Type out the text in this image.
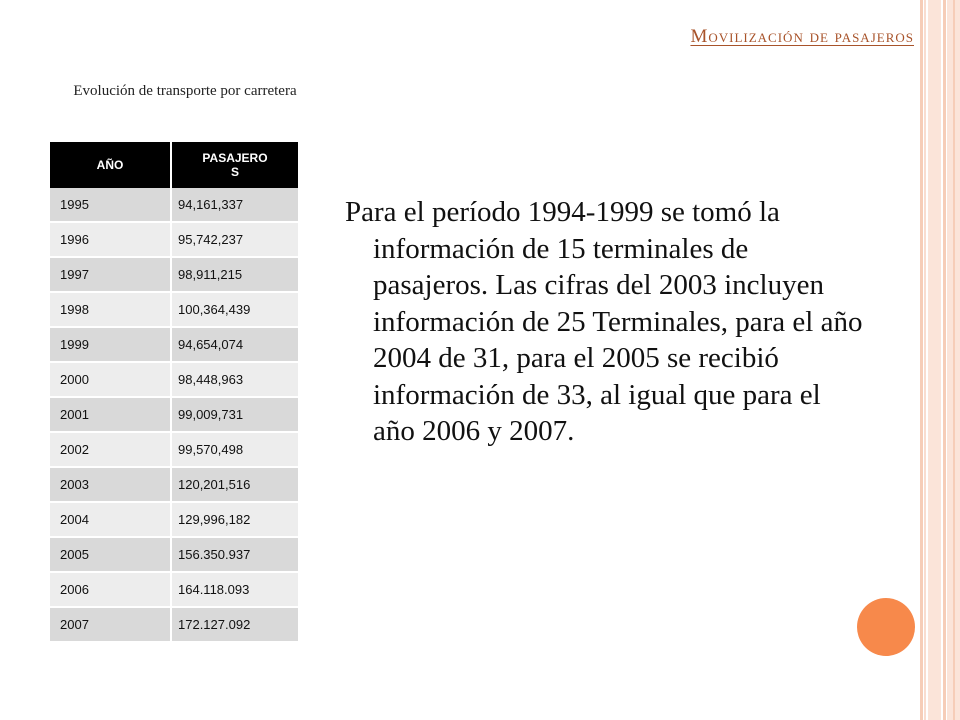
Movilización de pasajeros
Evolución de transporte por carretera
AÑO	PASAJERO
S
1995	94,161,337
1996	95,742,237
1997	98,911,215
1998	100,364,439
1999	94,654,074
2000	98,448,963
2001	99,009,731
2002	99,570,498
2003	120,201,516
2004	129,996,182
2005	156.350.937
2006	164.118.093
2007	172.127.092

Para el período 1994-1999 se tomó la información de 15 terminales de pasajeros. Las cifras del 2003 incluyen información de 25 Terminales, para el año 2004 de 31, para el 2005 se recibió información de 33, al igual que para el año 2006 y 2007.
